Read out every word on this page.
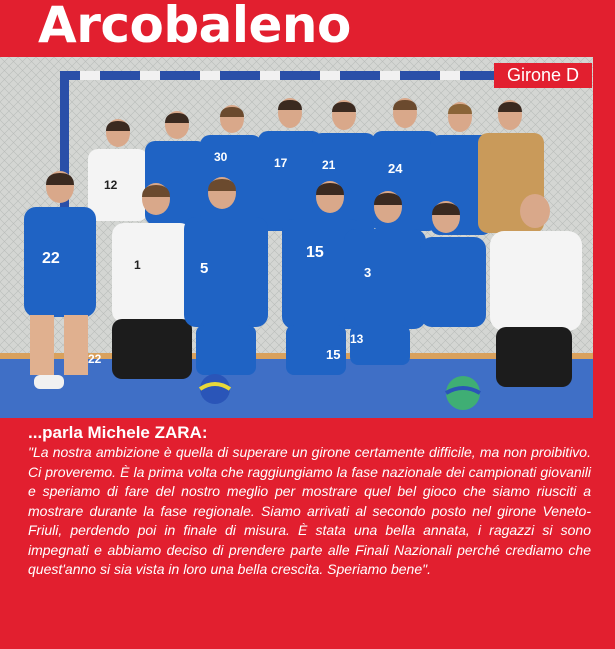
Arcobaleno
12
30	17	21	24
22
5
15
3
15
13
22
1
Girone D
...parla Michele ZARA:
"La nostra ambizione è quella di superare un girone certamente difficile, ma non proibitivo. Ci proveremo. È la prima volta che raggiungiamo la fase nazionale dei campionati giovanili e speriamo di fare del nostro meglio per mostrare quel bel gioco che siamo riusciti a mostrare durante la fase regionale. Siamo arrivati al secondo posto nel girone Veneto-Friuli, perdendo poi in finale di misura. È stata una bella annata, i ragazzi si sono impegnati e abbiamo deciso di prendere parte alle Finali Nazionali perché crediamo che quest'anno si sia vista in loro una bella crescita. Speriamo bene".
